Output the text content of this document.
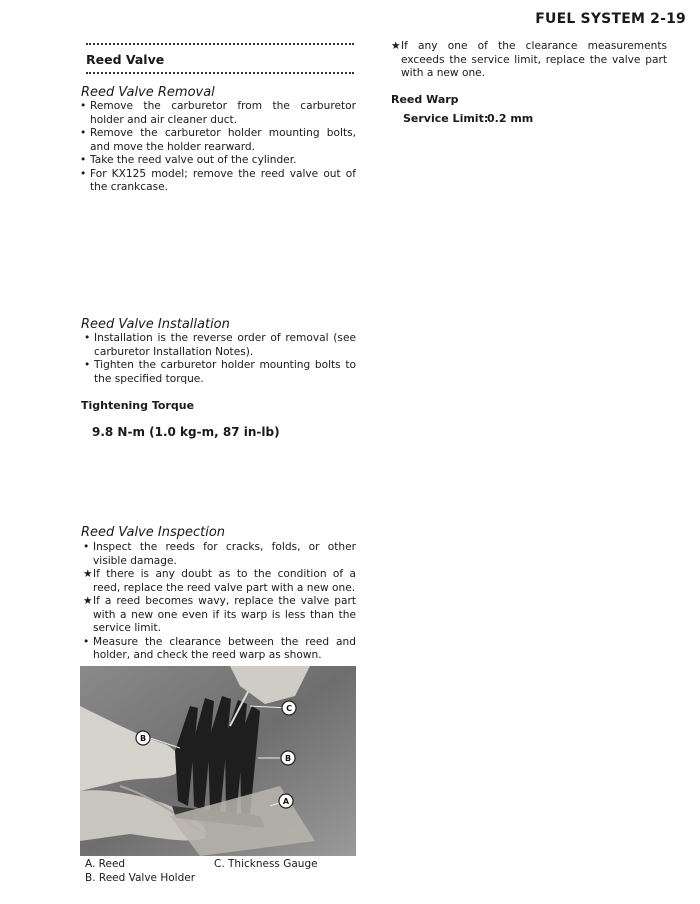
FUEL SYSTEM 2-19
Reed Valve
Reed Valve Removal

• Remove the carburetor from the carburetor holder and air cleaner duct.

• Remove the carburetor holder mounting bolts, and move the holder rearward.

• Take the reed valve out of the cylinder.

• For KX125 model; remove the reed valve out of the crankcase.

Reed Valve Installation

• Installation is the reverse order of removal (see carburetor Installation Notes).

• Tighten the carburetor holder mounting bolts to the specified torque.

Tightening Torque
9.8 N-m (1.0 kg-m, 87 in-lb)
Reed Valve Inspection

• Inspect the reeds for cracks, folds, or other visible damage.

★If there is any doubt as to the condition of a reed, replace the reed valve part with a new one.

★If a reed becomes wavy, replace the valve part with a new one even if its warp is less than the service limit.

• Measure the clearance between the reed and holder, and check the reed warp as shown.

C
B
B
A
A. Reed
B. Reed Valve Holder
C. Thickness Gauge

★If any one of the clearance measurements exceeds the service limit, replace the valve part with a new one.

Reed Warp
Service Limit:
0.2 mm
